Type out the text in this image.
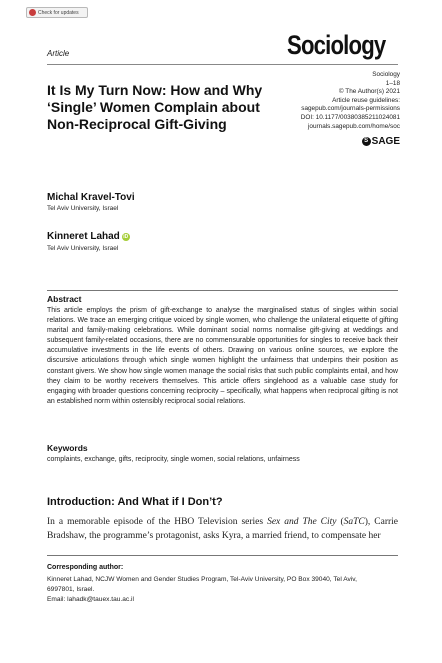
Check for updates
Article	Sociology
It Is My Turn Now: How and Why ‘Single’ Women Complain about Non-Reciprocal Gift-Giving
Sociology
1–18
© The Author(s) 2021
Article reuse guidelines:
sagepub.com/journals-permissions
DOI: 10.1177/00380385211024081
journals.sagepub.com/home/soc
S SAGE
Michal Kravel-Tovi
Tel Aviv University, Israel
Kinneret Lahad iD
Tel Aviv University, Israel
Abstract

This article employs the prism of gift-exchange to analyse the marginalised status of singles within social relations. We trace an emerging critique voiced by single women, who challenge the unilateral etiquette of gifting marital and family-making celebrations. While dominant social norms normalise gift-giving at weddings and subsequent family-related occasions, there are no commensurable opportunities for singles to receive back their accumulative investments in the life events of others. Drawing on various online sources, we explore the discursive articulations through which single women highlight the unfairness that underpins their position as constant givers. We show how single women manage the social risks that such public complaints entail, and how they claim to be worthy receivers themselves. This article offers singlehood as a valuable case study for engaging with broader questions concerning reciprocity – specifically, what happens when reciprocal gifting is not an established norm within ostensibly reciprocal social relations.

Keywords
complaints, exchange, gifts, reciprocity, single women, social relations, unfairness
Introduction: And What if I Don’t?

In a memorable episode of the HBO Television series Sex and The City (SaTC), Carrie Bradshaw, the programme’s protagonist, asks Kyra, a married friend, to compensate her

Corresponding author:
Kinneret Lahad, NCJW Women and Gender Studies Program, Tel-Aviv University, PO Box 39040, Tel Aviv,
6997801, Israel.
Email: lahadk@tauex.tau.ac.il
